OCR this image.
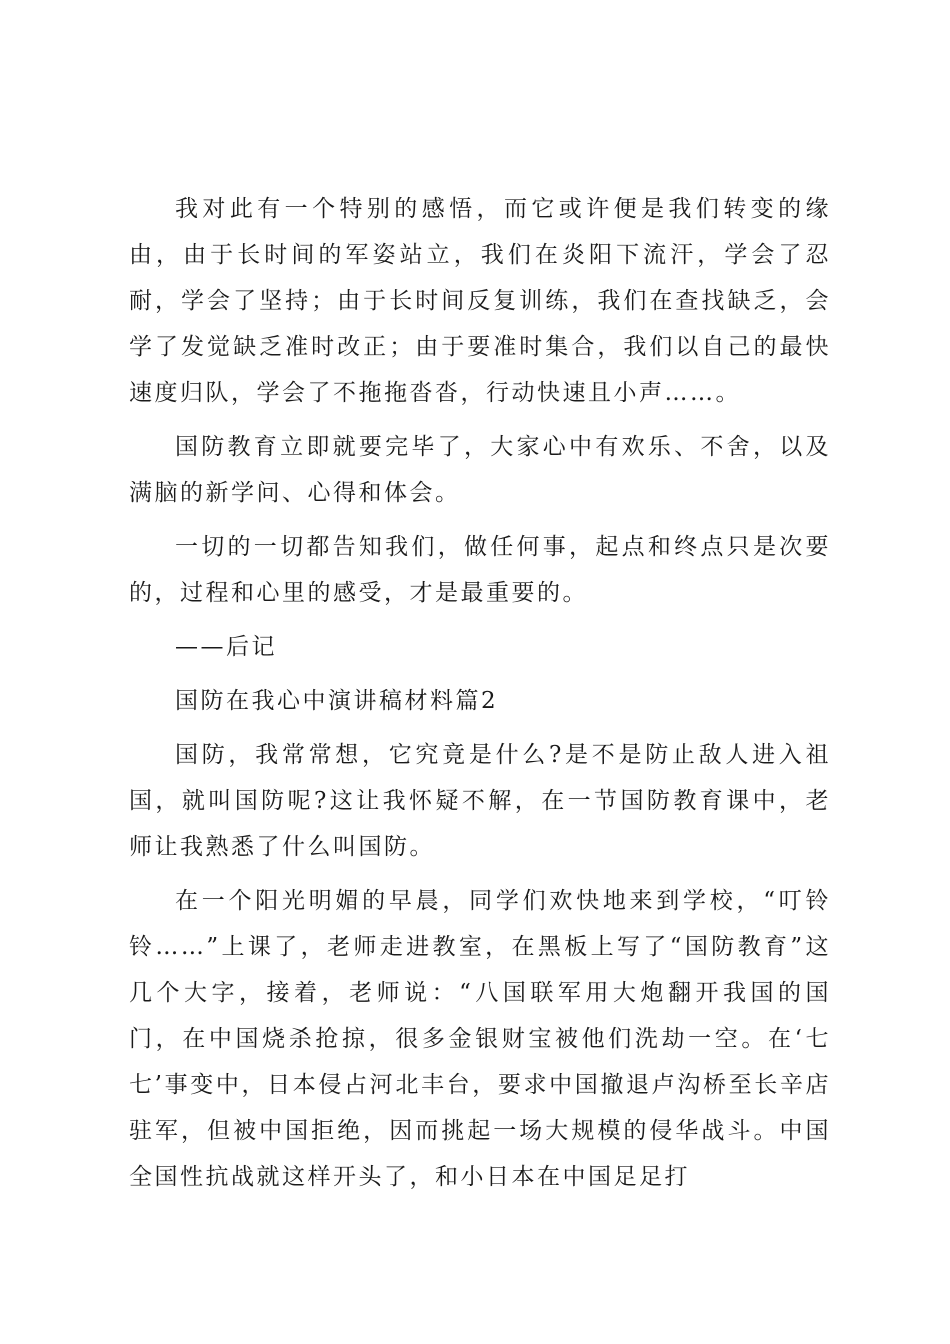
我对此有一个特别的感悟，而它或许便是我们转变的缘由，由于长时间的军姿站立，我们在炎阳下流汗，学会了忍耐，学会了坚持；由于长时间反复训练，我们在查找缺乏，会学了发觉缺乏准时改正；由于要准时集合，我们以自己的最快速度归队，学会了不拖拖沓沓，行动快速且小声……。

国防教育立即就要完毕了，大家心中有欢乐、不舍，以及满脑的新学问、心得和体会。

一切的一切都告知我们，做任何事，起点和终点只是次要的，过程和心里的感受，才是最重要的。

——后记

国防在我心中演讲稿材料篇2

国防，我常常想，它究竟是什么?是不是防止敌人进入祖国，就叫国防呢?这让我怀疑不解，在一节国防教育课中，老师让我熟悉了什么叫国防。

在一个阳光明媚的早晨，同学们欢快地来到学校，“叮铃铃……”上课了，老师走进教室，在黑板上写了“国防教育”这几个大字，接着，老师说：“八国联军用大炮翻开我国的国门，在中国烧杀抢掠，很多金银财宝被他们洗劫一空。在‘七七’事变中，日本侵占河北丰台，要求中国撤退卢沟桥至长辛店驻军，但被中国拒绝，因而挑起一场大规模的侵华战斗。中国全国性抗战就这样开头了，和小日本在中国足足打
